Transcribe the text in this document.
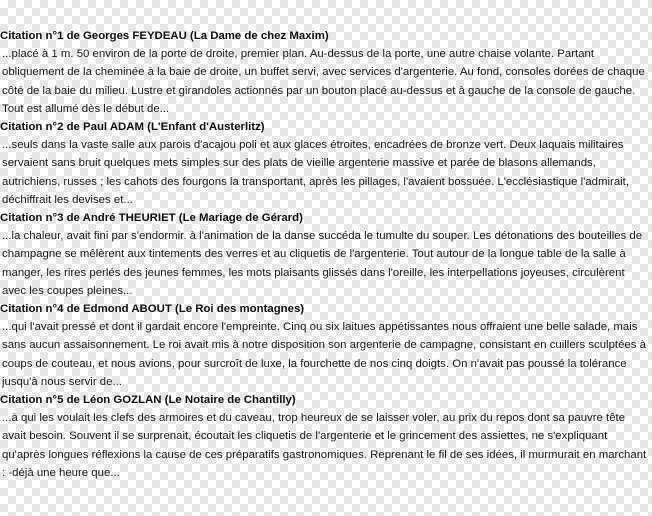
Citation n°1 de Georges FEYDEAU (La Dame de chez Maxim)

...placé à 1 m. 50 environ de la porte de droite, premier plan. Au-dessus de la porte, une autre chaise volante. Partant obliquement de la cheminée à la baie de droite, un buffet servi, avec services d'argenterie. Au fond, consoles dorées de chaque côté de la baie du milieu. Lustre et girandoles actionnés par un bouton placé au-dessus et à gauche de la console de gauche. Tout est allumé dès le début de...

Citation n°2 de Paul ADAM (L'Enfant d'Austerlitz)

...seuls dans la vaste salle aux parois d'acajou poli et aux glaces étroites, encadrées de bronze vert. Deux laquais militaires servaient sans bruit quelques mets simples sur des plats de vieille argenterie massive et parée de blasons allemands, autrichiens, russes ; les cahots des fourgons la transportant, après les pillages, l'avaient bossuée. L'ecclésiastique l'admirait, déchiffrait les devises et...

Citation n°3 de André THEURIET (Le Mariage de Gérard)

...la chaleur, avait fini par s'endormir. à l'animation de la danse succéda le tumulte du souper. Les détonations des bouteilles de champagne se mêlèrent aux tintements des verres et au cliquetis de l'argenterie. Tout autour de la longue table de la salle à manger, les rires perlés des jeunes femmes, les mots plaisants glissés dans l'oreille, les interpellations joyeuses, circulèrent avec les coupes pleines...

Citation n°4 de Edmond ABOUT (Le Roi des montagnes)

...qui l'avait pressé et dont il gardait encore l'empreinte. Cinq ou six laitues appétissantes nous offraient une belle salade, mais sans aucun assaisonnement. Le roi avait mis à notre disposition son argenterie de campagne, consistant en cuillers sculptées à coups de couteau, et nous avions, pour surcroît de luxe, la fourchette de nos cinq doigts. On n'avait pas poussé la tolérance jusqu'à nous servir de...

Citation n°5 de Léon GOZLAN (Le Notaire de Chantilly)

...à qui les voulait les clefs des armoires et du caveau, trop heureux de se laisser voler, au prix du repos dont sa pauvre tête avait besoin. Souvent il se surprenait, écoutait les cliquetis de l'argenterie et le grincement des assiettes, ne s'expliquant qu'après longues réflexions la cause de ces préparatifs gastronomiques. Reprenant le fil de ses idées, il murmurait en marchant : -déjà une heure que...
